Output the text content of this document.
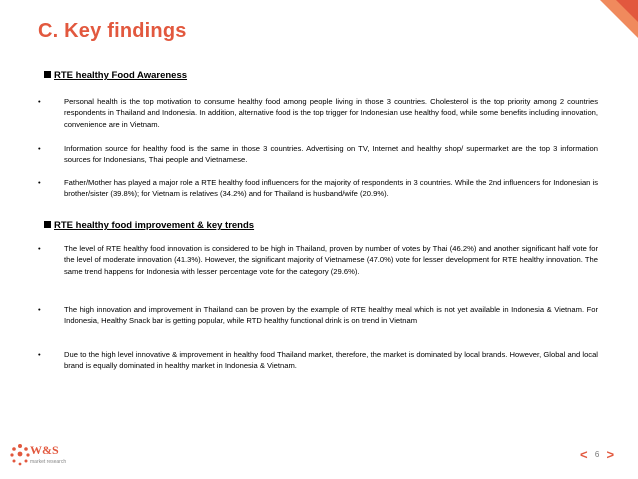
C. Key findings
RTE healthy Food Awareness
•	Personal health is the top motivation to consume healthy food among people living in those 3 countries. Cholesterol is the top priority among 2 countries respondents in Thailand and Indonesia. In addition, alternative food is the top trigger for Indonesian use healthy food, while some benefits including innovation, convenience are in Vietnam.
•	Information source for healthy food is the same in those 3 countries. Advertising on TV, Internet and healthy shop/ supermarket are the top 3 information sources for Indonesians, Thai people and Vietnamese.
•	Father/Mother has played a major role a RTE healthy food influencers for the majority of respondents in 3 countries. While the 2nd influencers for Indonesian is brother/sister (39.8%); for Vietnam is relatives (34.2%) and for Thailand is husband/wife (20.9%).
RTE healthy food improvement & key trends
•	The level of RTE healthy food innovation is considered to be high in Thailand, proven by number of votes by Thai (46.2%) and another significant half vote for the level of moderate innovation (41.3%). However, the significant majority of Vietnamese (47.0%) vote for lesser development for RTE healthy innovation. The same trend happens for Indonesia with lesser percentage vote for the category (29.6%).
•	The high innovation and improvement in Thailand can be proven by the example of RTE healthy meal which is not yet available in Indonesia & Vietnam. For Indonesia, Healthy Snack bar is getting popular, while RTD healthy functional drink is on trend in Vietnam
•	Due to the high level innovative & improvement in healthy food Thailand market, therefore, the market is dominated by local brands. However, Global and local brand is equally dominated in healthy market in Indonesia & Vietnam.
W&S
market research	< 6 >
